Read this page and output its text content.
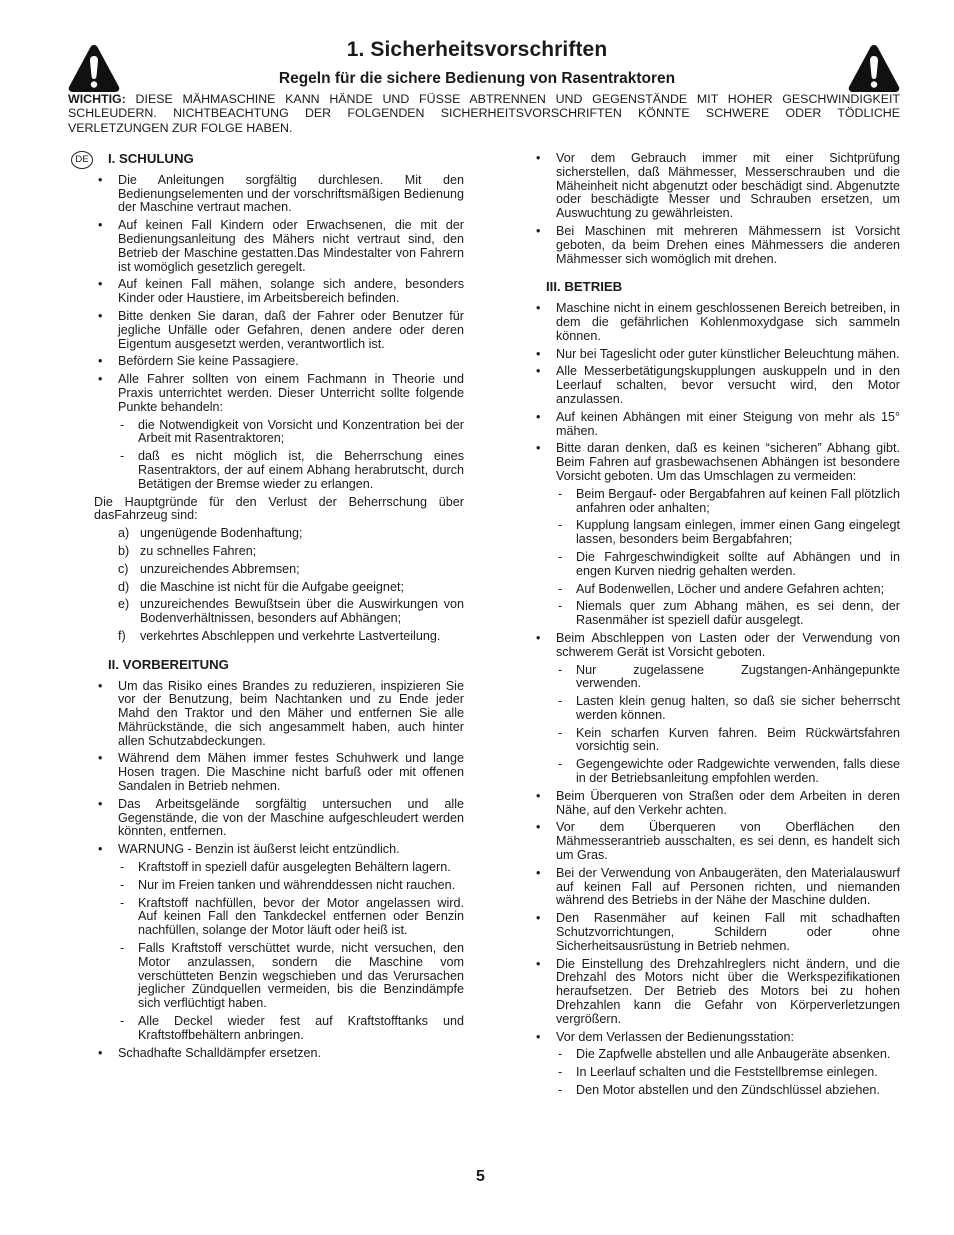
1. Sicherheitsvorschriften
Regeln für die sichere Bedienung von Rasentraktoren
WICHTIG: DIESE MÄHMASCHINE KANN HÄNDE UND FÜSSE ABTRENNEN UND GEGENSTÄNDE MIT HOHER GESCHWINDIGKEIT SCHLEUDERN. NICHTBEACHTUNG DER FOLGENDEN SICHERHEITSVORSCHRIFTEN KÖNNTE SCHWERE ODER TÖDLICHE VERLETZUNGEN ZUR FOLGE HABEN.
DE	I. SCHULUNG
• Die Anleitungen sorgfältig durchlesen. Mit den Bedienungselementen und der vorschriftsmäßigen Bedienung der Maschine vertraut machen.
• Auf keinen Fall Kindern oder Erwachsenen, die mit der Bedienungsanleitung des Mähers nicht vertraut sind, den Betrieb der Maschine gestatten.Das Mindestalter von Fahrern ist womöglich gesetzlich geregelt.
• Auf keinen Fall mähen, solange sich andere, besonders Kinder oder Haustiere, im Arbeitsbereich befinden.
• Bitte denken Sie daran, daß der Fahrer oder Benutzer für jegliche Unfälle oder Gefahren, denen andere oder deren Eigentum ausgesetzt werden, verantwortlich ist.
• Befördern Sie keine Passagiere.
• Alle Fahrer sollten von einem Fachmann in Theorie und Praxis unterrichtet werden. Dieser Unterricht sollte folgende Punkte behandeln:
- die Notwendigkeit von Vorsicht und Konzentration bei der Arbeit mit Rasentraktoren;
- daß es nicht möglich ist, die Beherrschung eines Rasentraktors, der auf einem Abhang herabrutscht, durch Betätigen der Bremse wieder zu erlangen.
Die Hauptgründe für den Verlust der Beherrschung über dasFahrzeug sind:
a) ungenügende Bodenhaftung;
b) zu schnelles Fahren;
c) unzureichendes Abbremsen;
d) die Maschine ist nicht für die Aufgabe geeignet;
e) unzureichendes Bewußtsein über die Auswirkungen von Bodenverhältnissen, besonders auf Abhängen;
f) verkehrtes Abschleppen und verkehrte Lastverteilung.
II. VORBEREITUNG
• Um das Risiko eines Brandes zu reduzieren, inspizieren Sie vor der Benutzung, beim Nachtanken und zu Ende jeder Mahd den Traktor und den Mäher und entfernen Sie alle Mährückstände, die sich angesammelt haben, auch hinter allen Schutzabdeckungen.
• Während dem Mähen immer festes Schuhwerk und lange Hosen tragen. Die Maschine nicht barfuß oder mit offenen Sandalen in Betrieb nehmen.
• Das Arbeitsgelände sorgfältig untersuchen und alle Gegenstände, die von der Maschine aufgeschleudert werden könnten, entfernen.
• WARNUNG - Benzin ist äußerst leicht entzündlich.
- Kraftstoff in speziell dafür ausgelegten Behältern lagern.
- Nur im Freien tanken und währenddessen nicht rauchen.
- Kraftstoff nachfüllen, bevor der Motor angelassen wird. Auf keinen Fall den Tankdeckel entfernen oder Benzin nachfüllen, solange der Motor läuft oder heiß ist.
- Falls Kraftstoff verschüttet wurde, nicht versuchen, den Motor anzulassen, sondern die Maschine vom verschütteten Benzin wegschieben und das Verursachen jeglicher Zündquellen vermeiden, bis die Benzindämpfe sich verflüchtigt haben.
- Alle Deckel wieder fest auf Kraftstofftanks und Kraftstoffbehältern anbringen.
• Schadhafte Schalldämpfer ersetzen.
• Vor dem Gebrauch immer mit einer Sichtprüfung sicherstellen, daß Mähmesser, Messerschrauben und die Mäheinheit nicht abgenutzt oder beschädigt sind. Abgenutzte oder beschädigte Messer und Schrauben ersetzen, um Auswuchtung zu gewährleisten.
• Bei Maschinen mit mehreren Mähmessern ist Vorsicht geboten, da beim Drehen eines Mähmessers die anderen Mähmesser sich womöglich mit drehen.
III. BETRIEB
• Maschine nicht in einem geschlossenen Bereich betreiben, in dem die gefährlichen Kohlenmoxydgase sich sammeln können.
• Nur bei Tageslicht oder guter künstlicher Beleuchtung mähen.
• Alle Messerbetätigungskupplungen auskuppeln und in den Leerlauf schalten, bevor versucht wird, den Motor anzulassen.
• Auf keinen Abhängen mit einer Steigung von mehr als 15° mähen.
• Bitte daran denken, daß es keinen “sicheren” Abhang gibt. Beim Fahren auf grasbewachsenen Abhängen ist besondere Vorsicht geboten. Um das Umschlagen zu vermeiden:
- Beim Bergauf- oder Bergabfahren auf keinen Fall plötzlich anfahren oder anhalten;
- Kupplung langsam einlegen, immer einen Gang eingelegt lassen, besonders beim Bergabfahren;
- Die Fahrgeschwindigkeit sollte auf Abhängen und in engen Kurven niedrig gehalten werden.
- Auf Bodenwellen, Löcher und andere Gefahren achten;
- Niemals quer zum Abhang mähen, es sei denn, der Rasenmäher ist speziell dafür ausgelegt.
• Beim Abschleppen von Lasten oder der Verwendung von schwerem Gerät ist Vorsicht geboten.
- Nur zugelassene Zugstangen-Anhängepunkte verwenden.
- Lasten klein genug halten, so daß sie sicher beherrscht werden können.
- Kein scharfen Kurven fahren. Beim Rückwärtsfahren vorsichtig sein.
- Gegengewichte oder Radgewichte verwenden, falls diese in der Betriebsanleitung empfohlen werden.
• Beim Überqueren von Straßen oder dem Arbeiten in deren Nähe, auf den Verkehr achten.
• Vor dem Überqueren von Oberflächen den Mähmesserantrieb ausschalten, es sei denn, es handelt sich um Gras.
• Bei der Verwendung von Anbaugeräten, den Materialauswurf auf keinen Fall auf Personen richten, und niemanden während des Betriebs in der Nähe der Maschine dulden.
• Den Rasenmäher auf keinen Fall mit schadhaften Schutzvorrichtungen, Schildern oder ohne Sicherheitsausrüstung in Betrieb nehmen.
• Die Einstellung des Drehzahlreglers nicht ändern, und die Drehzahl des Motors nicht über die Werkspezifikationen heraufsetzen. Der Betrieb des Motors bei zu hohen Drehzahlen kann die Gefahr von Körperverletzungen vergrößern.
• Vor dem Verlassen der Bedienungsstation:
- Die Zapfwelle abstellen und alle Anbaugeräte absenken.
- In Leerlauf schalten und die Feststellbremse einlegen.
- Den Motor abstellen und den Zündschlüssel abziehen.
5
